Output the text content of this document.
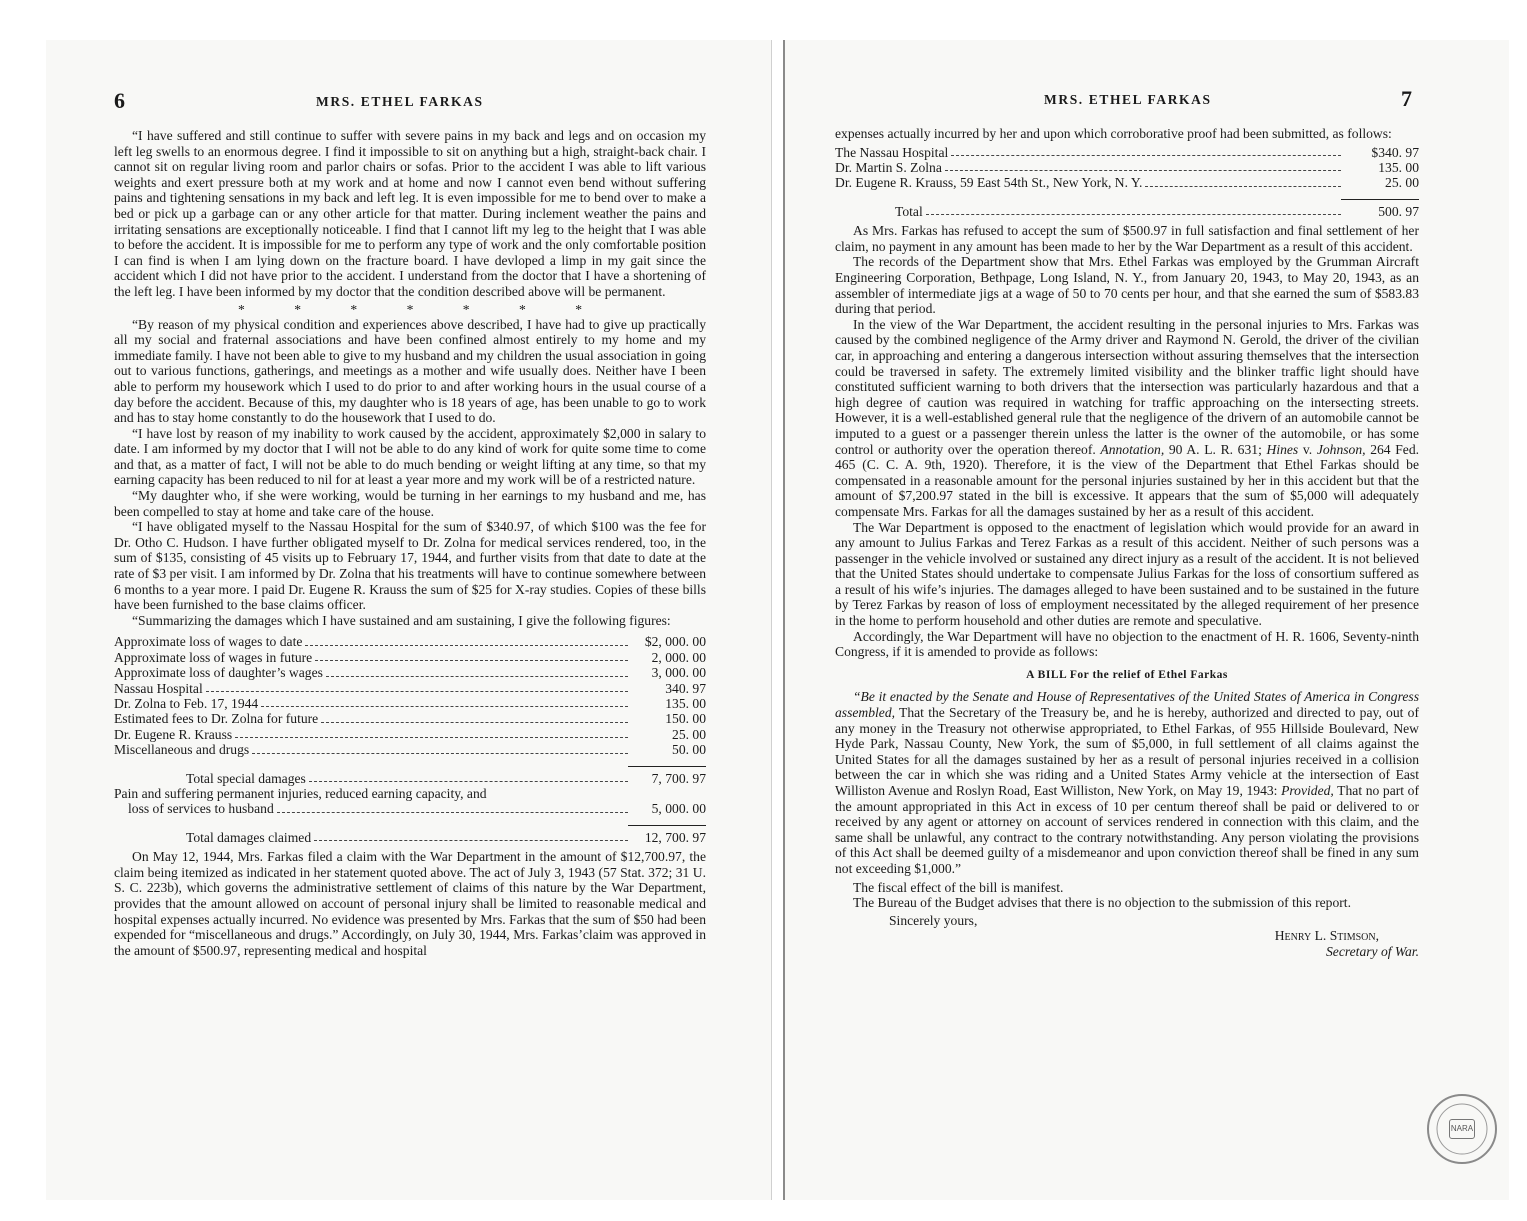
6	MRS. ETHEL FARKAS

“I have suffered and still continue to suffer with severe pains in my back and legs and on occasion my left leg swells to an enormous degree. I find it impossible to sit on anything but a high, straight-back chair. I cannot sit on regular living room and parlor chairs or sofas. Prior to the accident I was able to lift various weights and exert pressure both at my work and at home and now I cannot even bend without suffering pains and tightening sensations in my back and left leg. It is even impossible for me to bend over to make a bed or pick up a garbage can or any other article for that matter. During inclement weather the pains and irritating sensations are exceptionally noticeable. I find that I cannot lift my leg to the height that I was able to before the accident. It is impossible for me to perform any type of work and the only comfortable position I can find is when I am lying down on the fracture board. I have devloped a limp in my gait since the accident which I did not have prior to the accident. I understand from the doctor that I have a shortening of the left leg. I have been informed by my doctor that the condition described above will be permanent.

* * * * * * *

“By reason of my physical condition and experiences above described, I have had to give up practically all my social and fraternal associations and have been confined almost entirely to my home and my immediate family. I have not been able to give to my husband and my children the usual association in going out to various functions, gatherings, and meetings as a mother and wife usually does. Neither have I been able to perform my housework which I used to do prior to and after working hours in the usual course of a day before the accident. Because of this, my daughter who is 18 years of age, has been unable to go to work and has to stay home constantly to do the housework that I used to do.

“I have lost by reason of my inability to work caused by the accident, approximately $2,000 in salary to date. I am informed by my doctor that I will not be able to do any kind of work for quite some time to come and that, as a matter of fact, I will not be able to do much bending or weight lifting at any time, so that my earning capacity has been reduced to nil for at least a year more and my work will be of a restricted nature.

“My daughter who, if she were working, would be turning in her earnings to my husband and me, has been compelled to stay at home and take care of the house.

“I have obligated myself to the Nassau Hospital for the sum of $340.97, of which $100 was the fee for Dr. Otho C. Hudson. I have further obligated myself to Dr. Zolna for medical services rendered, too, in the sum of $135, consisting of 45 visits up to February 17, 1944, and further visits from that date to date at the rate of $3 per visit. I am informed by Dr. Zolna that his treatments will have to continue somewhere between 6 months to a year more. I paid Dr. Eugene R. Krauss the sum of $25 for X-ray studies. Copies of these bills have been furnished to the base claims officer.

“Summarizing the damages which I have sustained and am sustaining, I give the following figures:

Approximate loss of wages to date	$2, 000. 00

Approximate loss of wages in future	2, 000. 00

Approximate loss of daughter’s wages	3, 000. 00

Nassau Hospital	340. 97

Dr. Zolna to Feb. 17, 1944	135. 00

Estimated fees to Dr. Zolna for future	150. 00

Dr. Eugene R. Krauss	25. 00

Miscellaneous and drugs	50. 00

Total special damages	7, 700. 97
Pain and suffering permanent injuries, reduced earning capacity, and	

loss of services to husband	5, 000. 00

Total damages claimed	12, 700. 97

On May 12, 1944, Mrs. Farkas filed a claim with the War Department in the amount of $12,700.97, the claim being itemized as indicated in her statement quoted above. The act of July 3, 1943 (57 Stat. 372; 31 U. S. C. 223b), which governs the administrative settlement of claims of this nature by the War Department, provides that the amount allowed on account of personal injury shall be limited to reasonable medical and hospital expenses actually incurred. No evidence was presented by Mrs. Farkas that the sum of $50 had been expended for “miscellaneous and drugs.” Accordingly, on July 30, 1944, Mrs. Farkas’claim was approved in the amount of $500.97, representing medical and hospital

MRS. ETHEL FARKAS	7

expenses actually incurred by her and upon which corroborative proof had been submitted, as follows:

The Nassau Hospital	$340. 97

Dr. Martin S. Zolna	135. 00

Dr. Eugene R. Krauss, 59 East 54th St., New York, N. Y.	25. 00

Total	500. 97

As Mrs. Farkas has refused to accept the sum of $500.97 in full satisfaction and final settlement of her claim, no payment in any amount has been made to her by the War Department as a result of this accident.

The records of the Department show that Mrs. Ethel Farkas was employed by the Grumman Aircraft Engineering Corporation, Bethpage, Long Island, N. Y., from January 20, 1943, to May 20, 1943, as an assembler of intermediate jigs at a wage of 50 to 70 cents per hour, and that she earned the sum of $583.83 during that period.

In the view of the War Department, the accident resulting in the personal injuries to Mrs. Farkas was caused by the combined negligence of the Army driver and Raymond N. Gerold, the driver of the civilian car, in approaching and entering a dangerous intersection without assuring themselves that the intersection could be traversed in safety. The extremely limited visibility and the blinker traffic light should have constituted sufficient warning to both drivers that the intersection was particularly hazardous and that a high degree of caution was required in watching for traffic approaching on the intersecting streets. However, it is a well-established general rule that the negligence of the drivern of an automobile cannot be imputed to a guest or a passenger therein unless the latter is the owner of the automobile, or has some control or authority over the operation thereof. Annotation, 90 A. L. R. 631; Hines v. Johnson, 264 Fed. 465 (C. C. A. 9th, 1920). Therefore, it is the view of the Department that Ethel Farkas should be compensated in a reasonable amount for the personal injuries sustained by her in this accident but that the amount of $7,200.97 stated in the bill is excessive. It appears that the sum of $5,000 will adequately compensate Mrs. Farkas for all the damages sustained by her as a result of this accident.

The War Department is opposed to the enactment of legislation which would provide for an award in any amount to Julius Farkas and Terez Farkas as a result of this accident. Neither of such persons was a passenger in the vehicle involved or sustained any direct injury as a result of the accident. It is not believed that the United States should undertake to compensate Julius Farkas for the loss of consortium suffered as a result of his wife’s injuries. The damages alleged to have been sustained and to be sustained in the future by Terez Farkas by reason of loss of employment necessitated by the alleged requirement of her presence in the home to perform household and other duties are remote and speculative.

Accordingly, the War Department will have no objection to the enactment of H. R. 1606, Seventy-ninth Congress, if it is amended to provide as follows:

A BILL For the relief of Ethel Farkas

“Be it enacted by the Senate and House of Representatives of the United States of America in Congress assembled, That the Secretary of the Treasury be, and he is hereby, authorized and directed to pay, out of any money in the Treasury not otherwise appropriated, to Ethel Farkas, of 955 Hillside Boulevard, New Hyde Park, Nassau County, New York, the sum of $5,000, in full settlement of all claims against the United States for all the damages sustained by her as a result of personal injuries received in a collision between the car in which she was riding and a United States Army vehicle at the intersection of East Williston Avenue and Roslyn Road, East Williston, New York, on May 19, 1943: Provided, That no part of the amount appropriated in this Act in excess of 10 per centum thereof shall be paid or delivered to or received by any agent or attorney on account of services rendered in connection with this claim, and the same shall be unlawful, any contract to the contrary notwithstanding. Any person violating the provisions of this Act shall be deemed guilty of a misdemeanor and upon conviction thereof shall be fined in any sum not exceeding $1,000.”

The fiscal effect of the bill is manifest.

The Bureau of the Budget advises that there is no objection to the submission of this report.

Sincerely yours,

Henry L. Stimson,

Secretary of War.

NARA
